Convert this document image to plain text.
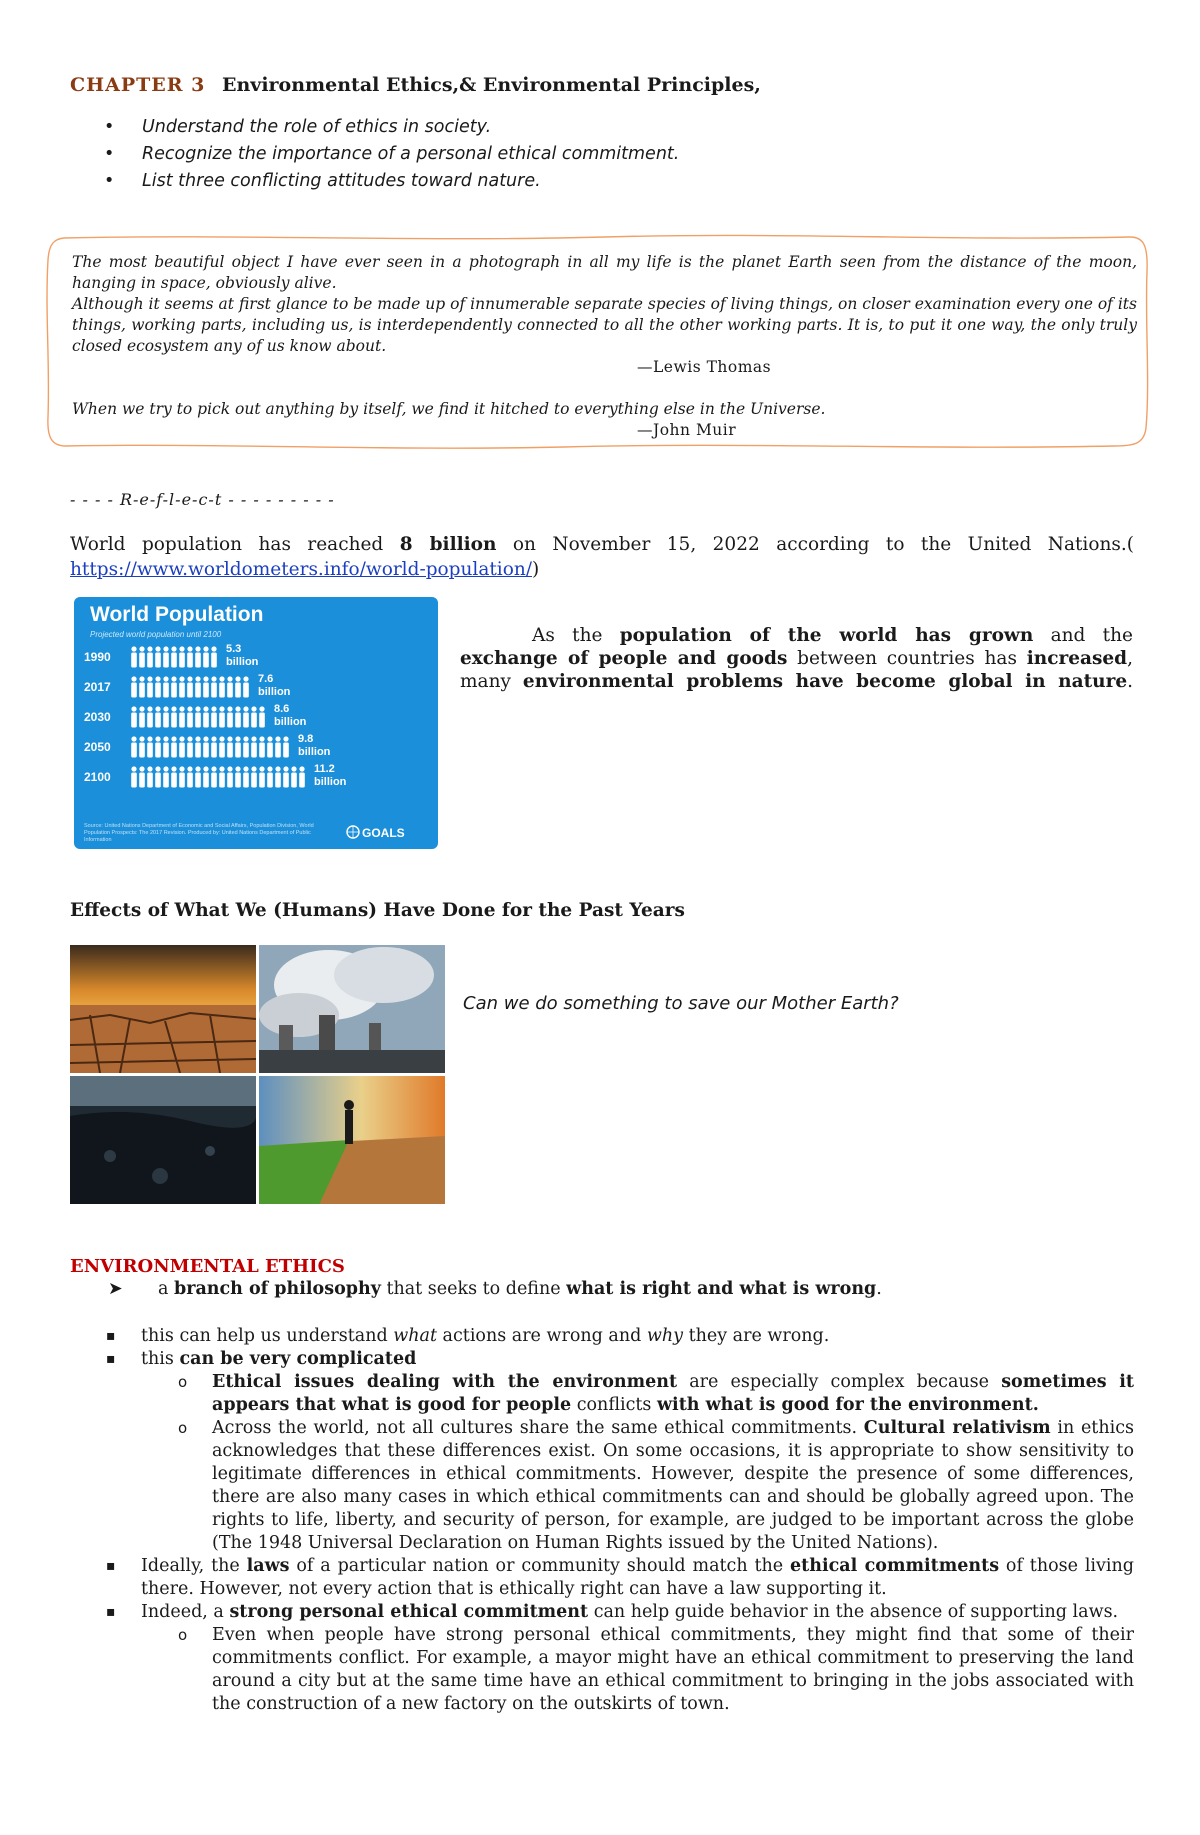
CHAPTER 3 Environmental Ethics,& Environmental Principles,
• Understand the role of ethics in society.
• Recognize the importance of a personal ethical commitment.
• List three conflicting attitudes toward nature.

The most beautiful object I have ever seen in a photograph in all my life is the planet Earth seen from the distance of the moon, hanging in space, obviously alive.

Although it seems at first glance to be made up of innumerable separate species of living things, on closer examination every one of its things, working parts, including us, is interdependently connected to all the other working parts. It is, to put it one way, the only truly closed ecosystem any of us know about.

—Lewis Thomas

When we try to pick out anything by itself, we find it hitched to everything else in the Universe.

—John Muir

- - - - R-e-f-l-e-c-t - - - - - - - - -
World population has reached 8 billion on November 15, 2022 according to the United Nations.(
https://www.worldometers.info/world-population/)
World Population
Projected world population until 2100
1990
5.3
billion
2017
7.6
billion
2030
8.6
billion
2050
9.8
billion
2100
11.2
billion
Source: United Nations Department of Economic and Social Affairs, Population Division, World Population Prospects: The 2017 Revision. Produced by: United Nations Department of Public Information	GOALS

As the population of the world has grown and the exchange of people and goods between countries has increased, many environmental problems have become global in nature.

Effects of What We (Humans) Have Done for the Past Years
Can we do something to save our Mother Earth?
ENVIRONMENTAL ETHICS
➤ a branch of philosophy that seeks to define what is right and what is wrong.
▪ this can help us understand what actions are wrong and why they are wrong.
▪ this can be very complicated
o Ethical issues dealing with the environment are especially complex because sometimes it appears that what is good for people conflicts with what is good for the environment.
o Across the world, not all cultures share the same ethical commitments. Cultural relativism in ethics acknowledges that these differences exist. On some occasions, it is appropriate to show sensitivity to legitimate differences in ethical commitments. However, despite the presence of some differences, there are also many cases in which ethical commitments can and should be globally agreed upon. The rights to life, liberty, and security of person, for example, are judged to be important across the globe (The 1948 Universal Declaration on Human Rights issued by the United Nations).
▪ Ideally, the laws of a particular nation or community should match the ethical commitments of those living there. However, not every action that is ethically right can have a law supporting it.
▪ Indeed, a strong personal ethical commitment can help guide behavior in the absence of supporting laws.
o Even when people have strong personal ethical commitments, they might find that some of their commitments conflict. For example, a mayor might have an ethical commitment to preserving the land around a city but at the same time have an ethical commitment to bringing in the jobs associated with the construction of a new factory on the outskirts of town.
